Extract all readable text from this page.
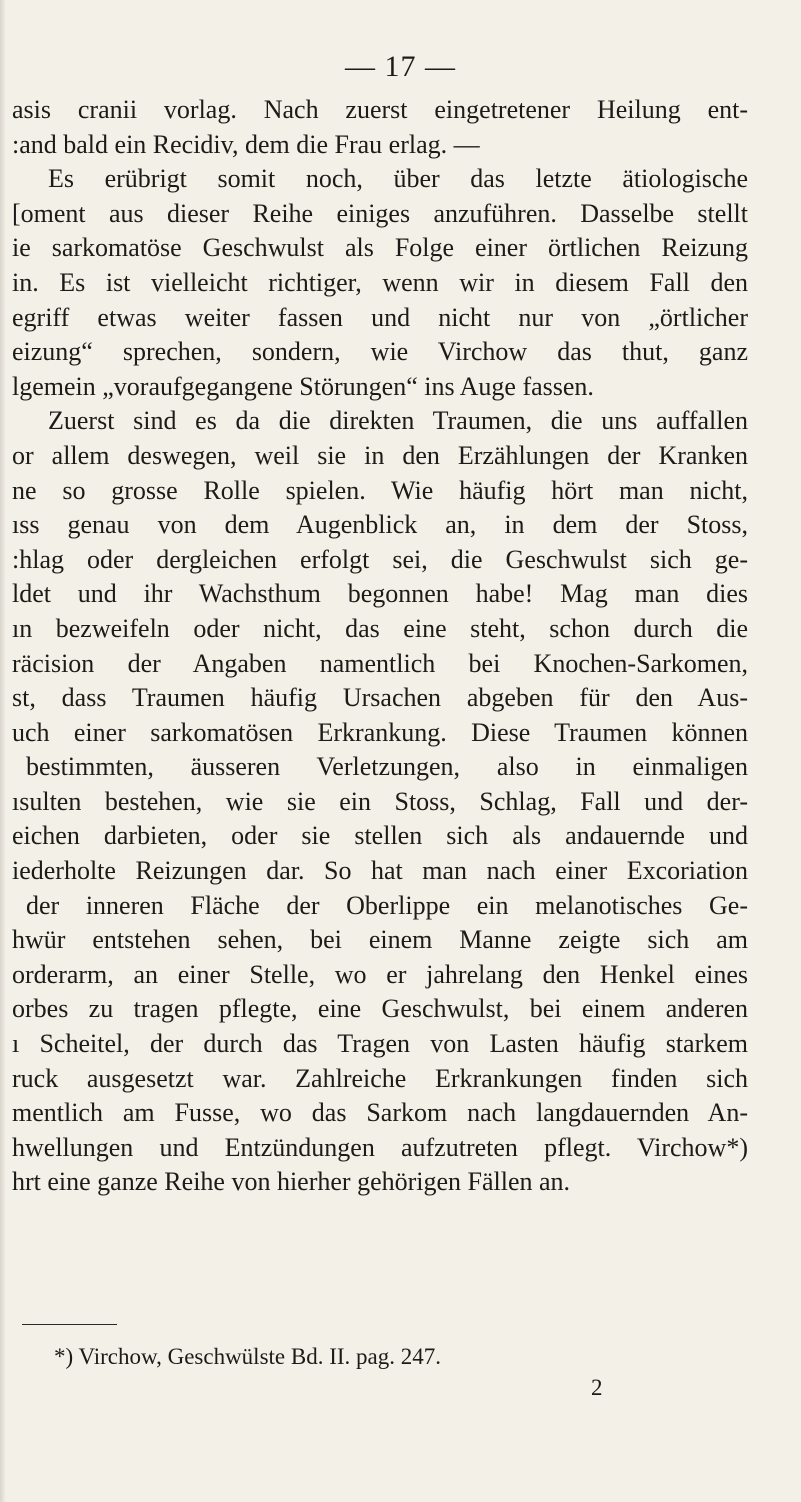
— 17 —
asis cranii vorlag. Nach zuerst eingetretener Heilung ent-
:and bald ein Recidiv, dem die Frau erlag. —
Es erübrigt somit noch, über das letzte ätiologische
[oment aus dieser Reihe einiges anzuführen. Dasselbe stellt
ie sarkomatöse Geschwulst als Folge einer örtlichen Reizung
in. Es ist vielleicht richtiger, wenn wir in diesem Fall den
egriff etwas weiter fassen und nicht nur von „örtlicher
eizung“ sprechen, sondern, wie Virchow das thut, ganz
lgemein „voraufgegangene Störungen“ ins Auge fassen.
Zuerst sind es da die direkten Traumen, die uns auffallen
or allem deswegen, weil sie in den Erzählungen der Kranken
ne so grosse Rolle spielen. Wie häufig hört man nicht,
ıss genau von dem Augenblick an, in dem der Stoss,
:hlag oder dergleichen erfolgt sei, die Geschwulst sich ge-
ldet und ihr Wachsthum begonnen habe! Mag man dies
ın bezweifeln oder nicht, das eine steht, schon durch die
räcision der Angaben namentlich bei Knochen-Sarkomen,
st, dass Traumen häufig Ursachen abgeben für den Aus-
uch einer sarkomatösen Erkrankung. Diese Traumen können
bestimmten, äusseren Verletzungen, also in einmaligen
ısulten bestehen, wie sie ein Stoss, Schlag, Fall und der-
eichen darbieten, oder sie stellen sich als andauernde und
iederholte Reizungen dar. So hat man nach einer Excoriation
der inneren Fläche der Oberlippe ein melanotisches Ge-
hwür entstehen sehen, bei einem Manne zeigte sich am
orderarm, an einer Stelle, wo er jahrelang den Henkel eines
orbes zu tragen pflegte, eine Geschwulst, bei einem anderen
ı Scheitel, der durch das Tragen von Lasten häufig starkem
ruck ausgesetzt war. Zahlreiche Erkrankungen finden sich
mentlich am Fusse, wo das Sarkom nach langdauernden An-
hwellungen und Entzündungen aufzutreten pflegt. Virchow*)
hrt eine ganze Reihe von hierher gehörigen Fällen an.
*) Virchow, Geschwülste Bd. II. pag. 247.
2
